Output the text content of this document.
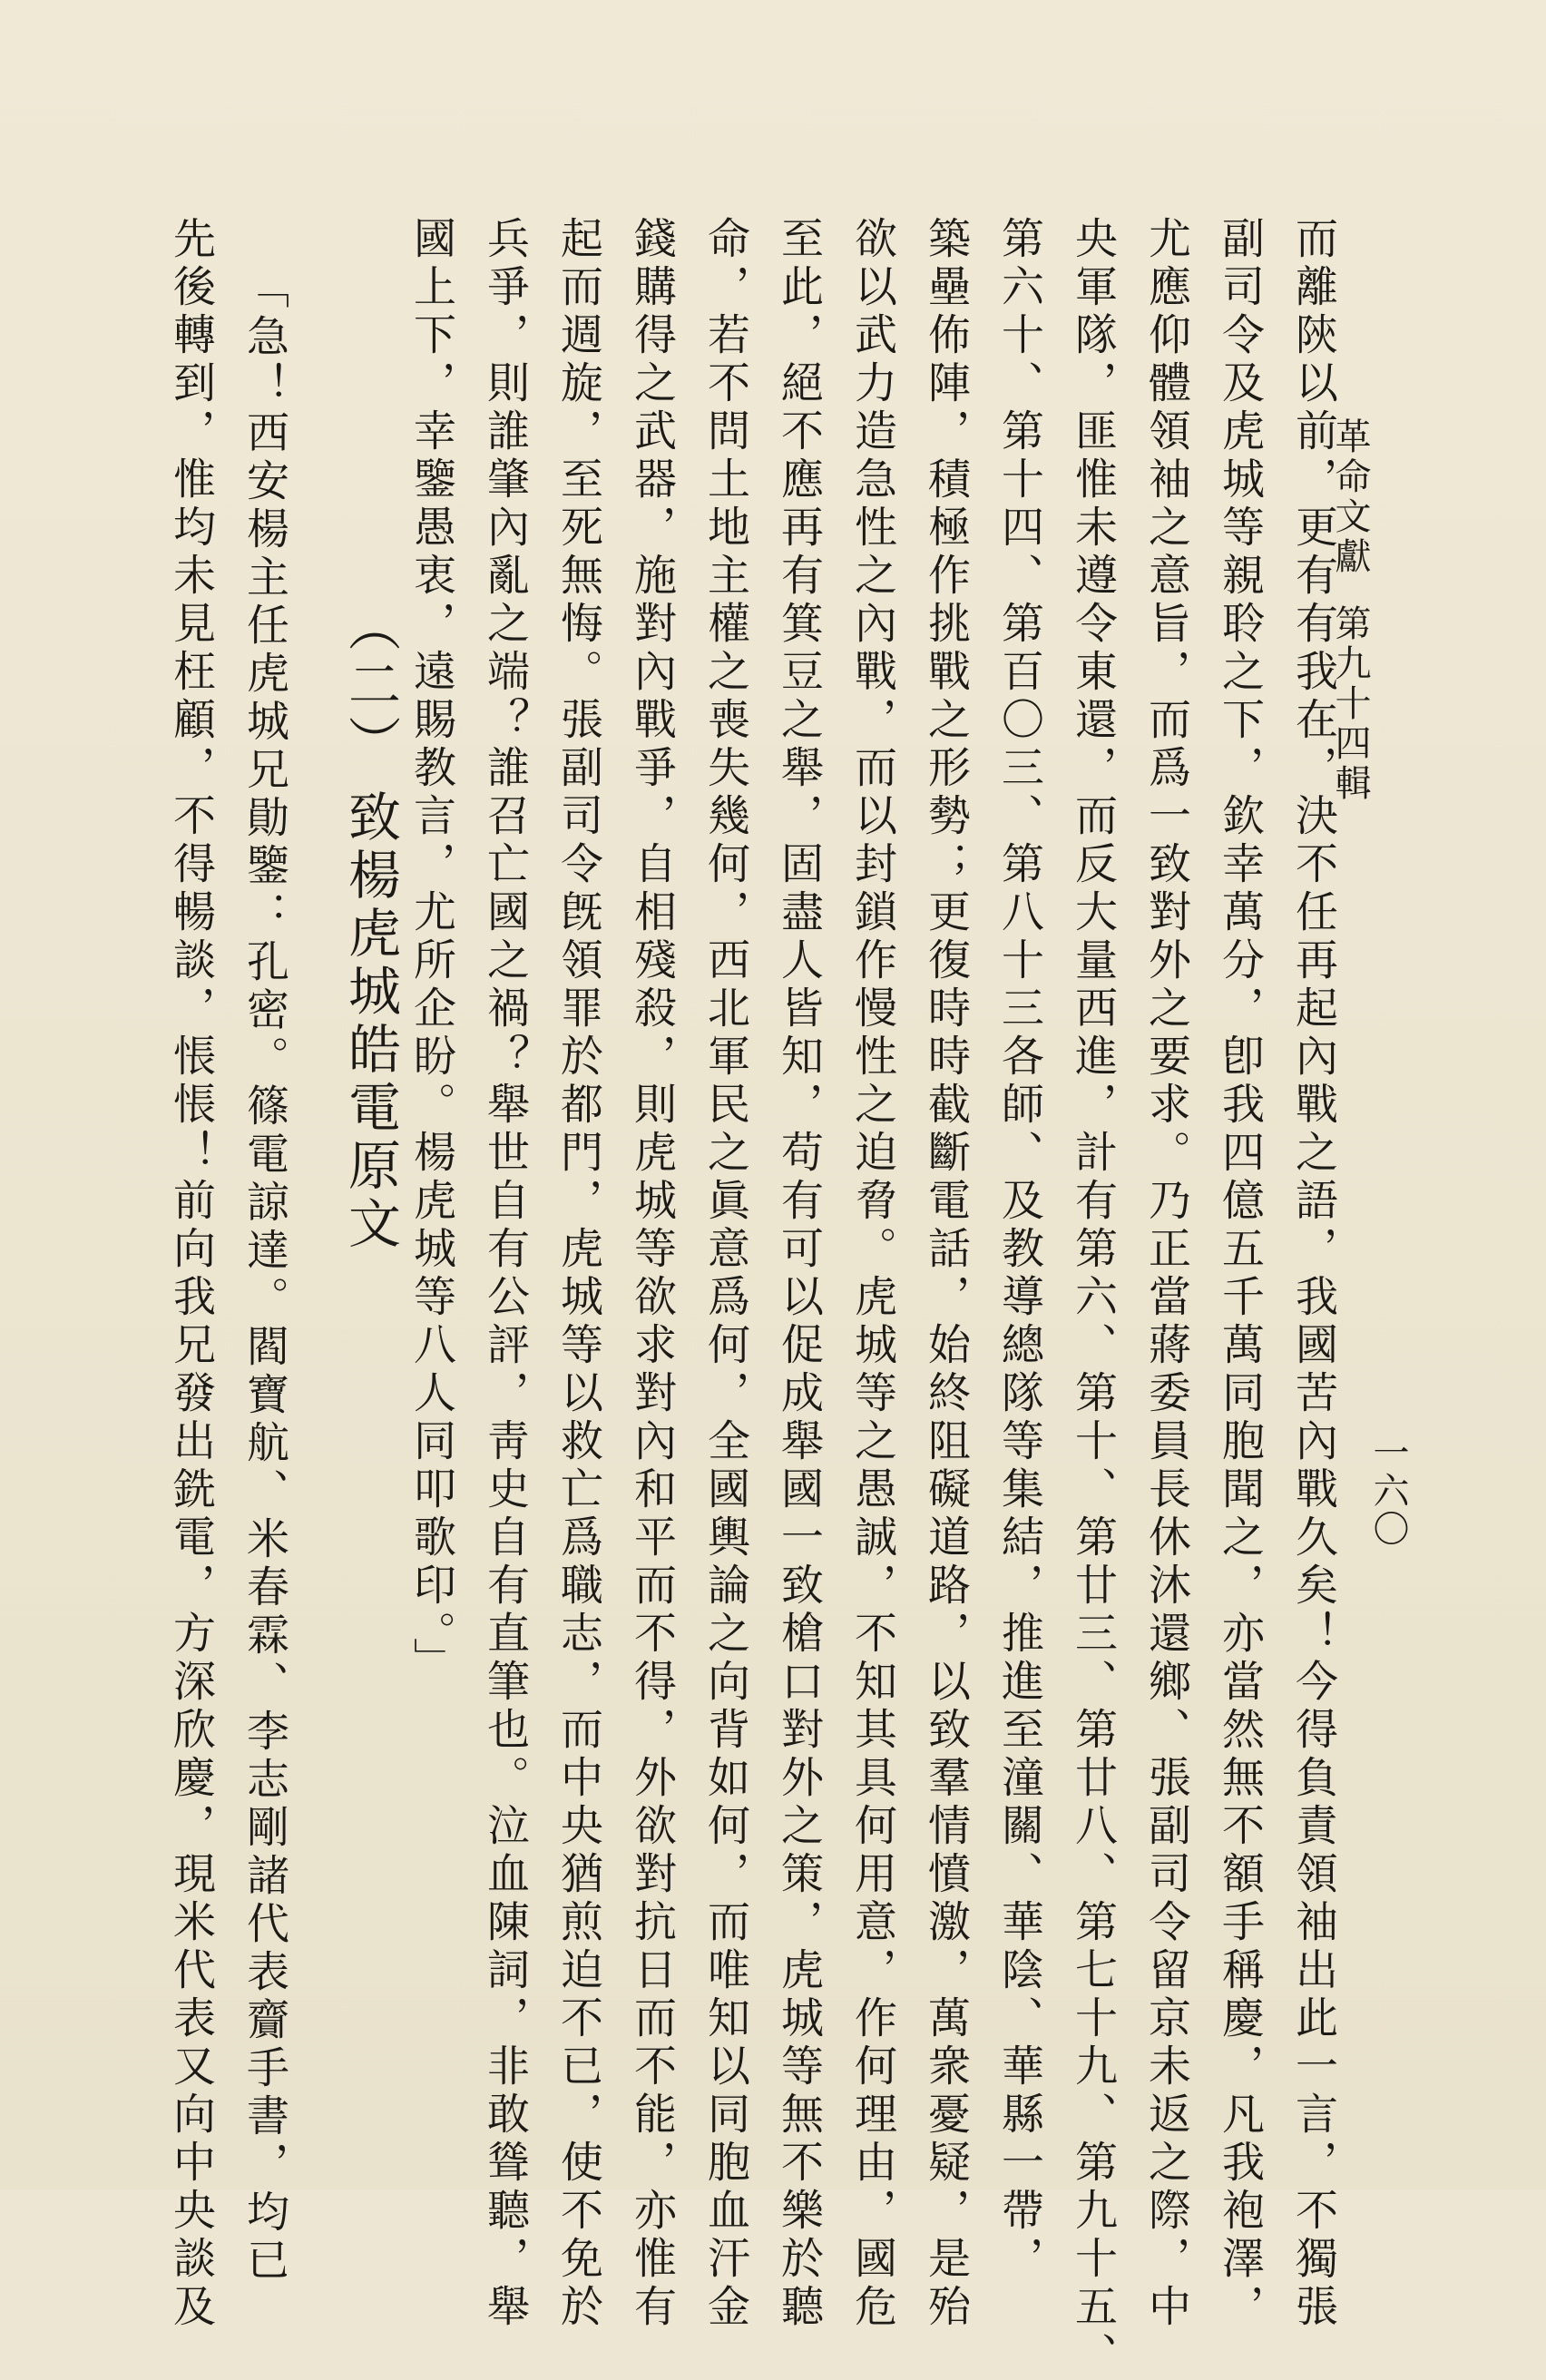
革命文獻第九十四輯
一六〇
而離陝以前，更有有我在，決不任再起內戰之語，我國苦內戰久矣！今得負責領袖出此一言，不獨張
副司令及虎城等親聆之下，欽幸萬分，卽我四億五千萬同胞聞之，亦當然無不額手稱慶，凡我袍澤，
尤應仰體領袖之意旨，而爲一致對外之要求。乃正當蔣委員長休沐還鄉、張副司令留京未返之際，中
央軍隊，匪惟未遵令東還，而反大量西進，計有第六、第十、第廿三、第廿八、第七十九、第九十五、
第六十、第十四、第百〇三、第八十三各師、及教導總隊等集結，推進至潼關、華陰、華縣一帶，
築壘佈陣，積極作挑戰之形勢；更復時時截斷電話，始終阻礙道路，以致羣情憤激，萬衆憂疑，是殆
欲以武力造急性之內戰，而以封鎖作慢性之迫脅。虎城等之愚誠，不知其具何用意，作何理由，國危
至此，絕不應再有箕豆之舉，固盡人皆知，苟有可以促成舉國一致槍口對外之策，虎城等無不樂於聽
命，若不問土地主權之喪失幾何，西北軍民之眞意爲何，全國輿論之向背如何，而唯知以同胞血汗金
錢購得之武器，施對內戰爭，自相殘殺，則虎城等欲求對內和平而不得，外欲對抗日而不能，亦惟有
起而週旋，至死無悔。張副司令旣領罪於都門，虎城等以救亡爲職志，而中央猶煎迫不已，使不免於
兵爭，則誰肇內亂之端？誰召亡國之禍？舉世自有公評，靑史自有直筆也。泣血陳詞，非敢聳聽，舉
國上下，幸鑒愚衷，遠賜教言，尤所企盼。楊虎城等八人同叩歌印。」
（二）致楊虎城皓電原文
「急！西安楊主任虎城兄勛鑒：孔密。篠電諒達。閻寶航、米春霖、李志剛諸代表齎手書，均已
先後轉到，惟均未見枉顧，不得暢談，悵悵！前向我兄發出銑電，方深欣慶，現米代表又向中央談及
